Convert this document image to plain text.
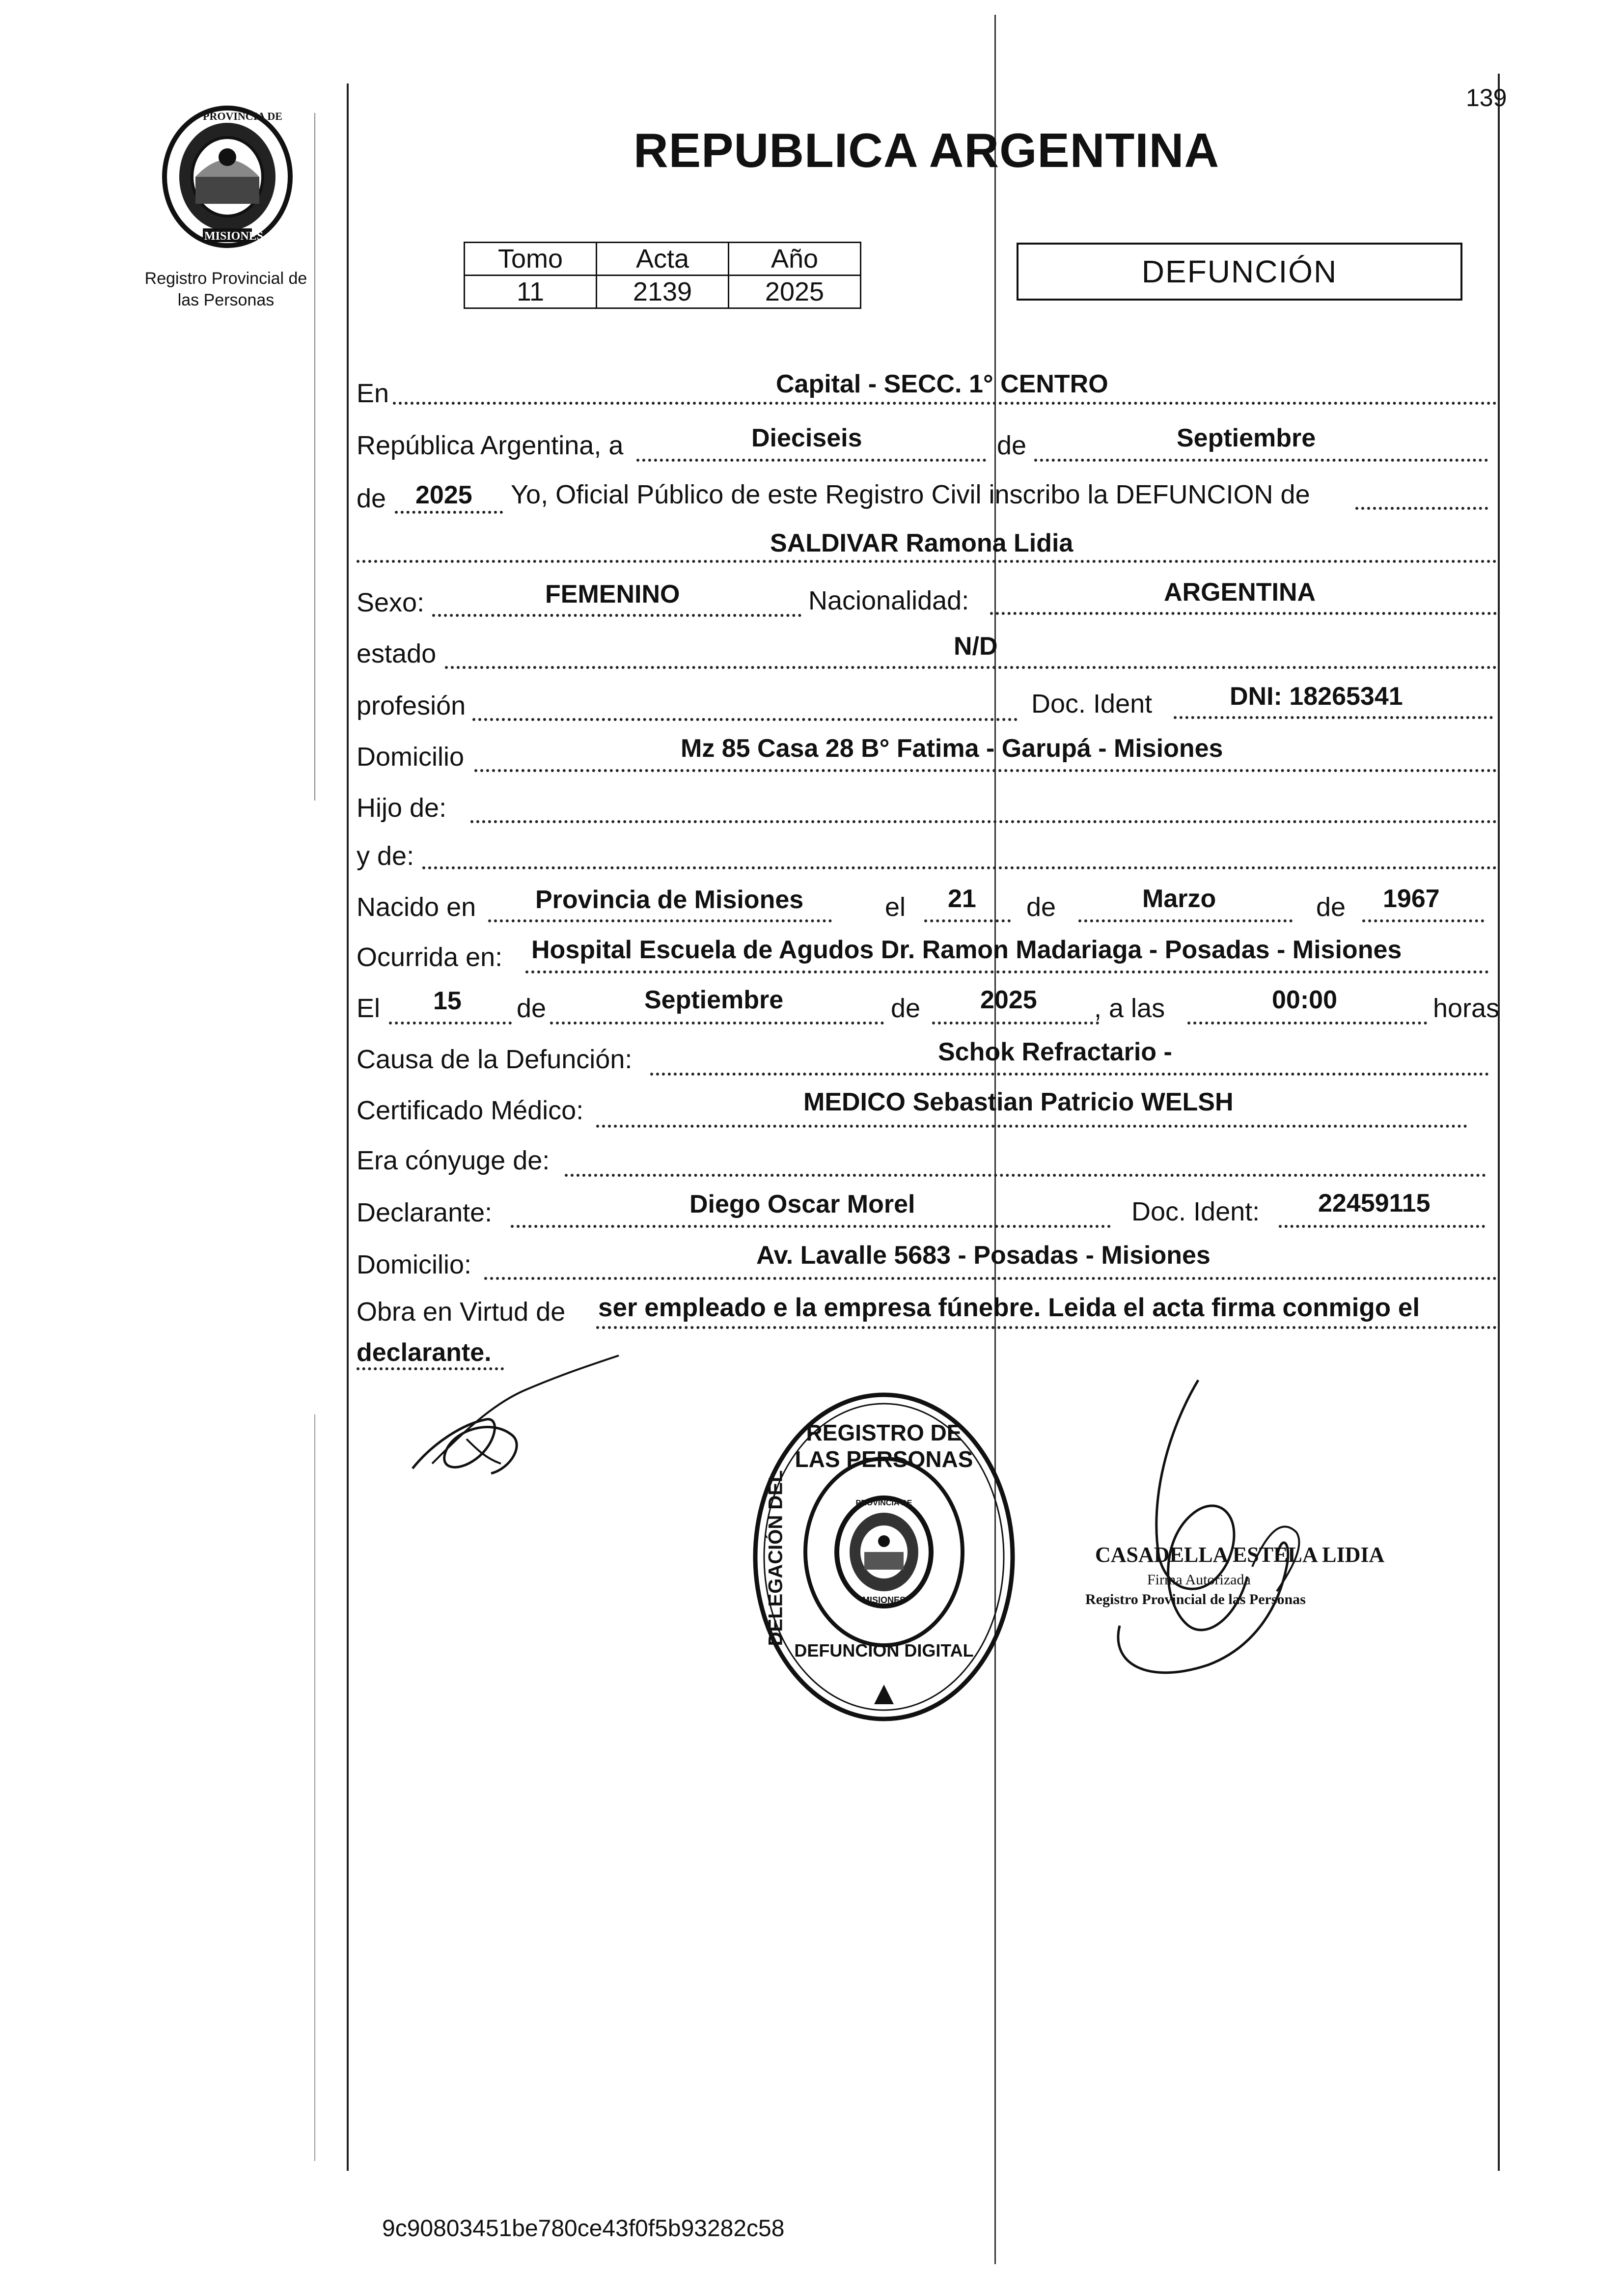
PROVINCIA DE
MISIONES
Registro Provincial de
las Personas
139
REPUBLICA ARGENTINA
Tomo	Acta	Año
11	2139	2025
DEFUNCIÓN
En	Capital - SECC. 1° CENTRO
República Argentina, a	Dieciseis	de	Septiembre
de 2025 Yo, Oficial Público de este Registro Civil inscribo la DEFUNCION de
SALDIVAR Ramona Lidia
Sexo:	FEMENINO	Nacionalidad:	ARGENTINA
estado	N/D
profesión	Doc. Ident	DNI: 18265341
Domicilio	Mz 85 Casa 28 B° Fatima - Garupá - Misiones
Hijo de:
y de:
Nacido en Provincia de Misiones	el 21 de	Marzo	de 1967
Ocurrida en: Hospital Escuela de Agudos Dr. Ramon Madariaga - Posadas - Misiones
El 15 de	Septiembre	de 2025 , a las	00:00	horas
Causa de la Defunción:	Schok Refractario -
Certificado Médico:	MEDICO Sebastian Patricio WELSH
Era cónyuge de:
Declarante:	Diego Oscar Morel	Doc. Ident: 22459115
Domicilio:	Av. Lavalle 5683 - Posadas - Misiones
Obra en Virtud de ser empleado e la empresa fúnebre. Leida el acta firma conmigo el
declarante.
REGISTRO DE LAS PERSONAS
DELEGACIÓN DEL
DEFUNCION DIGITAL
PROVINCIA DE
MISIONES
CASADELLA ESTELA LIDIA
Firma Autorizada
Registro Provincial de las Personas
9c90803451be780ce43f0f5b93282c58
